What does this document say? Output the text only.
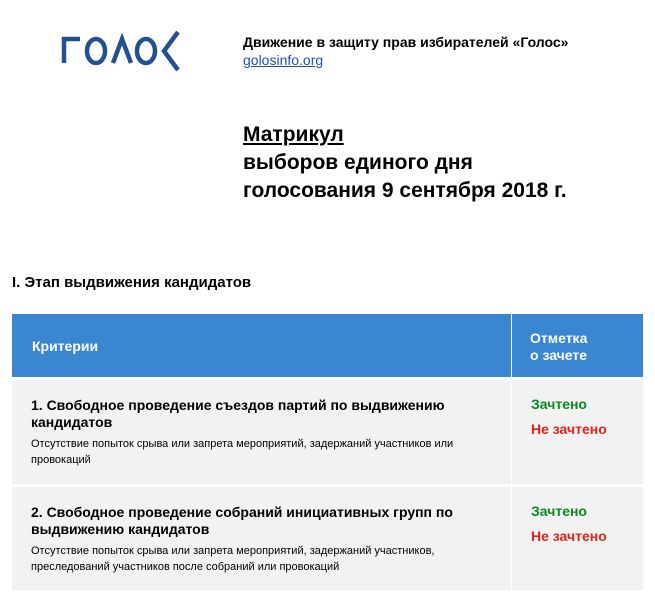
Движение в защиту прав избирателей «Голос»
golosinfo.org
Матрикул
выборов единого дня
голосования 9 сентября 2018 г.
I. Этап выдвижения кандидатов
Критерии	Отметка
о зачете
1. Свободное проведение съездов партий по выдвижению кандидатов
Отсутствие попыток срыва или запрета мероприятий, задержаний участников или провокаций
Зачтено
Не зачтено
2. Свободное проведение собраний инициативных групп по выдвижению кандидатов
Отсутствие попыток срыва или запрета мероприятий, задержаний участников, преследований участников после собраний или провокаций
Зачтено
Не зачтено
